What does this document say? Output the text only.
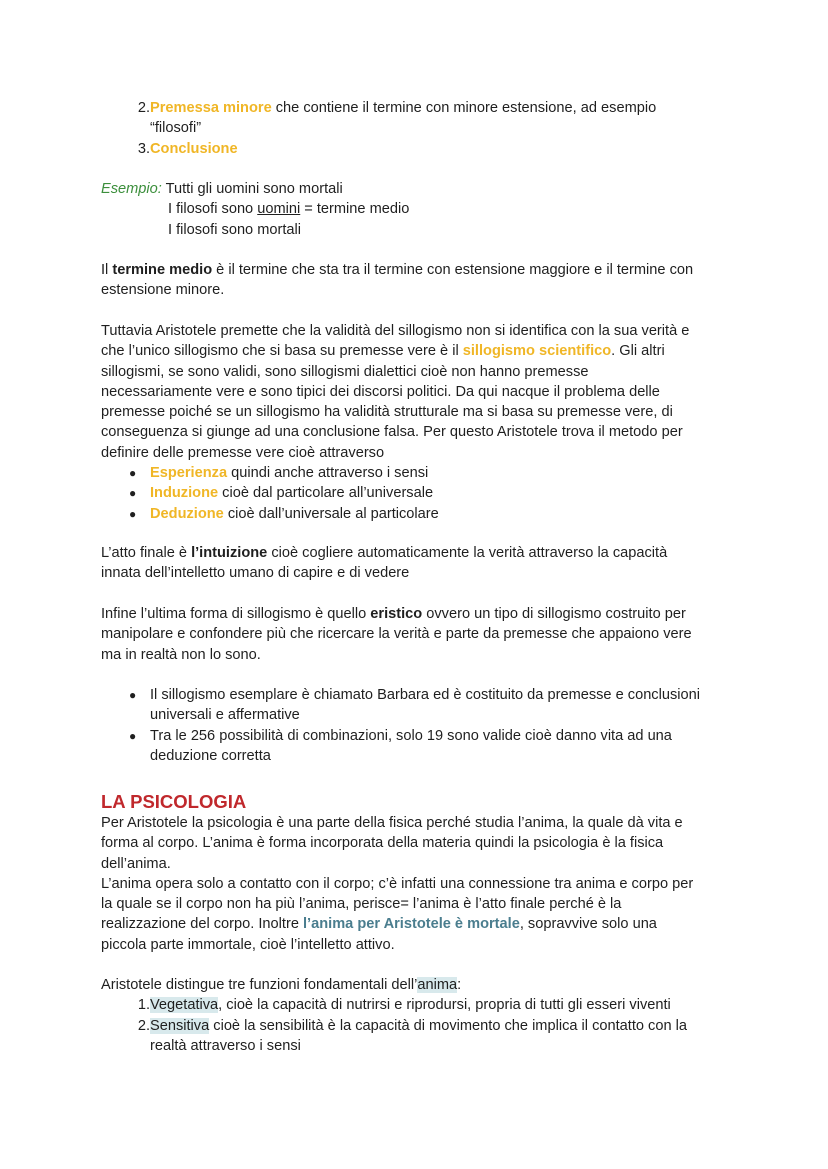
2. Premessa minore che contiene il termine con minore estensione, ad esempio
“filosofi”
3. Conclusione
Esempio: Tutti gli uomini sono mortali
I filosofi sono uomini = termine medio
I filosofi sono mortali
Il termine medio è il termine che sta tra il termine con estensione maggiore e il termine con
estensione minore.
Tuttavia Aristotele premette che la validità del sillogismo non si identifica con la sua verità e
che l’unico sillogismo che si basa su premesse vere è il sillogismo scientifico. Gli altri
sillogismi, se sono validi, sono sillogismi dialettici cioè non hanno premesse
necessariamente vere e sono tipici dei discorsi politici. Da qui nacque il problema delle
premesse poiché se un sillogismo ha validità strutturale ma si basa su premesse vere, di
conseguenza si giunge ad una conclusione falsa. Per questo Aristotele trova il metodo per
definire delle premesse vere cioè attraverso
● Esperienza quindi anche attraverso i sensi
● Induzione cioè dal particolare all’universale
● Deduzione cioè dall’universale al particolare
L’atto finale è l’intuizione cioè cogliere automaticamente la verità attraverso la capacità
innata dell’intelletto umano di capire e di vedere
Infine l’ultima forma di sillogismo è quello eristico ovvero un tipo di sillogismo costruito per
manipolare e confondere più che ricercare la verità e parte da premesse che appaiono vere
ma in realtà non lo sono.
● Il sillogismo esemplare è chiamato Barbara ed è costituito da premesse e conclusioni
universali e affermative
● Tra le 256 possibilità di combinazioni, solo 19 sono valide cioè danno vita ad una
deduzione corretta
LA PSICOLOGIA
Per Aristotele la psicologia è una parte della fisica perché studia l’anima, la quale dà vita e
forma al corpo. L’anima è forma incorporata della materia quindi la psicologia è la fisica
dell’anima.
L’anima opera solo a contatto con il corpo; c’è infatti una connessione tra anima e corpo per
la quale se il corpo non ha più l’anima, perisce= l’anima è l’atto finale perché è la
realizzazione del corpo. Inoltre l’anima per Aristotele è mortale, sopravvive solo una
piccola parte immortale, cioè l’intelletto attivo.
Aristotele distingue tre funzioni fondamentali dell’anima:
1. Vegetativa, cioè la capacità di nutrirsi e riprodursi, propria di tutti gli esseri viventi
2. Sensitiva cioè la sensibilità è la capacità di movimento che implica il contatto con la
realtà attraverso i sensi
